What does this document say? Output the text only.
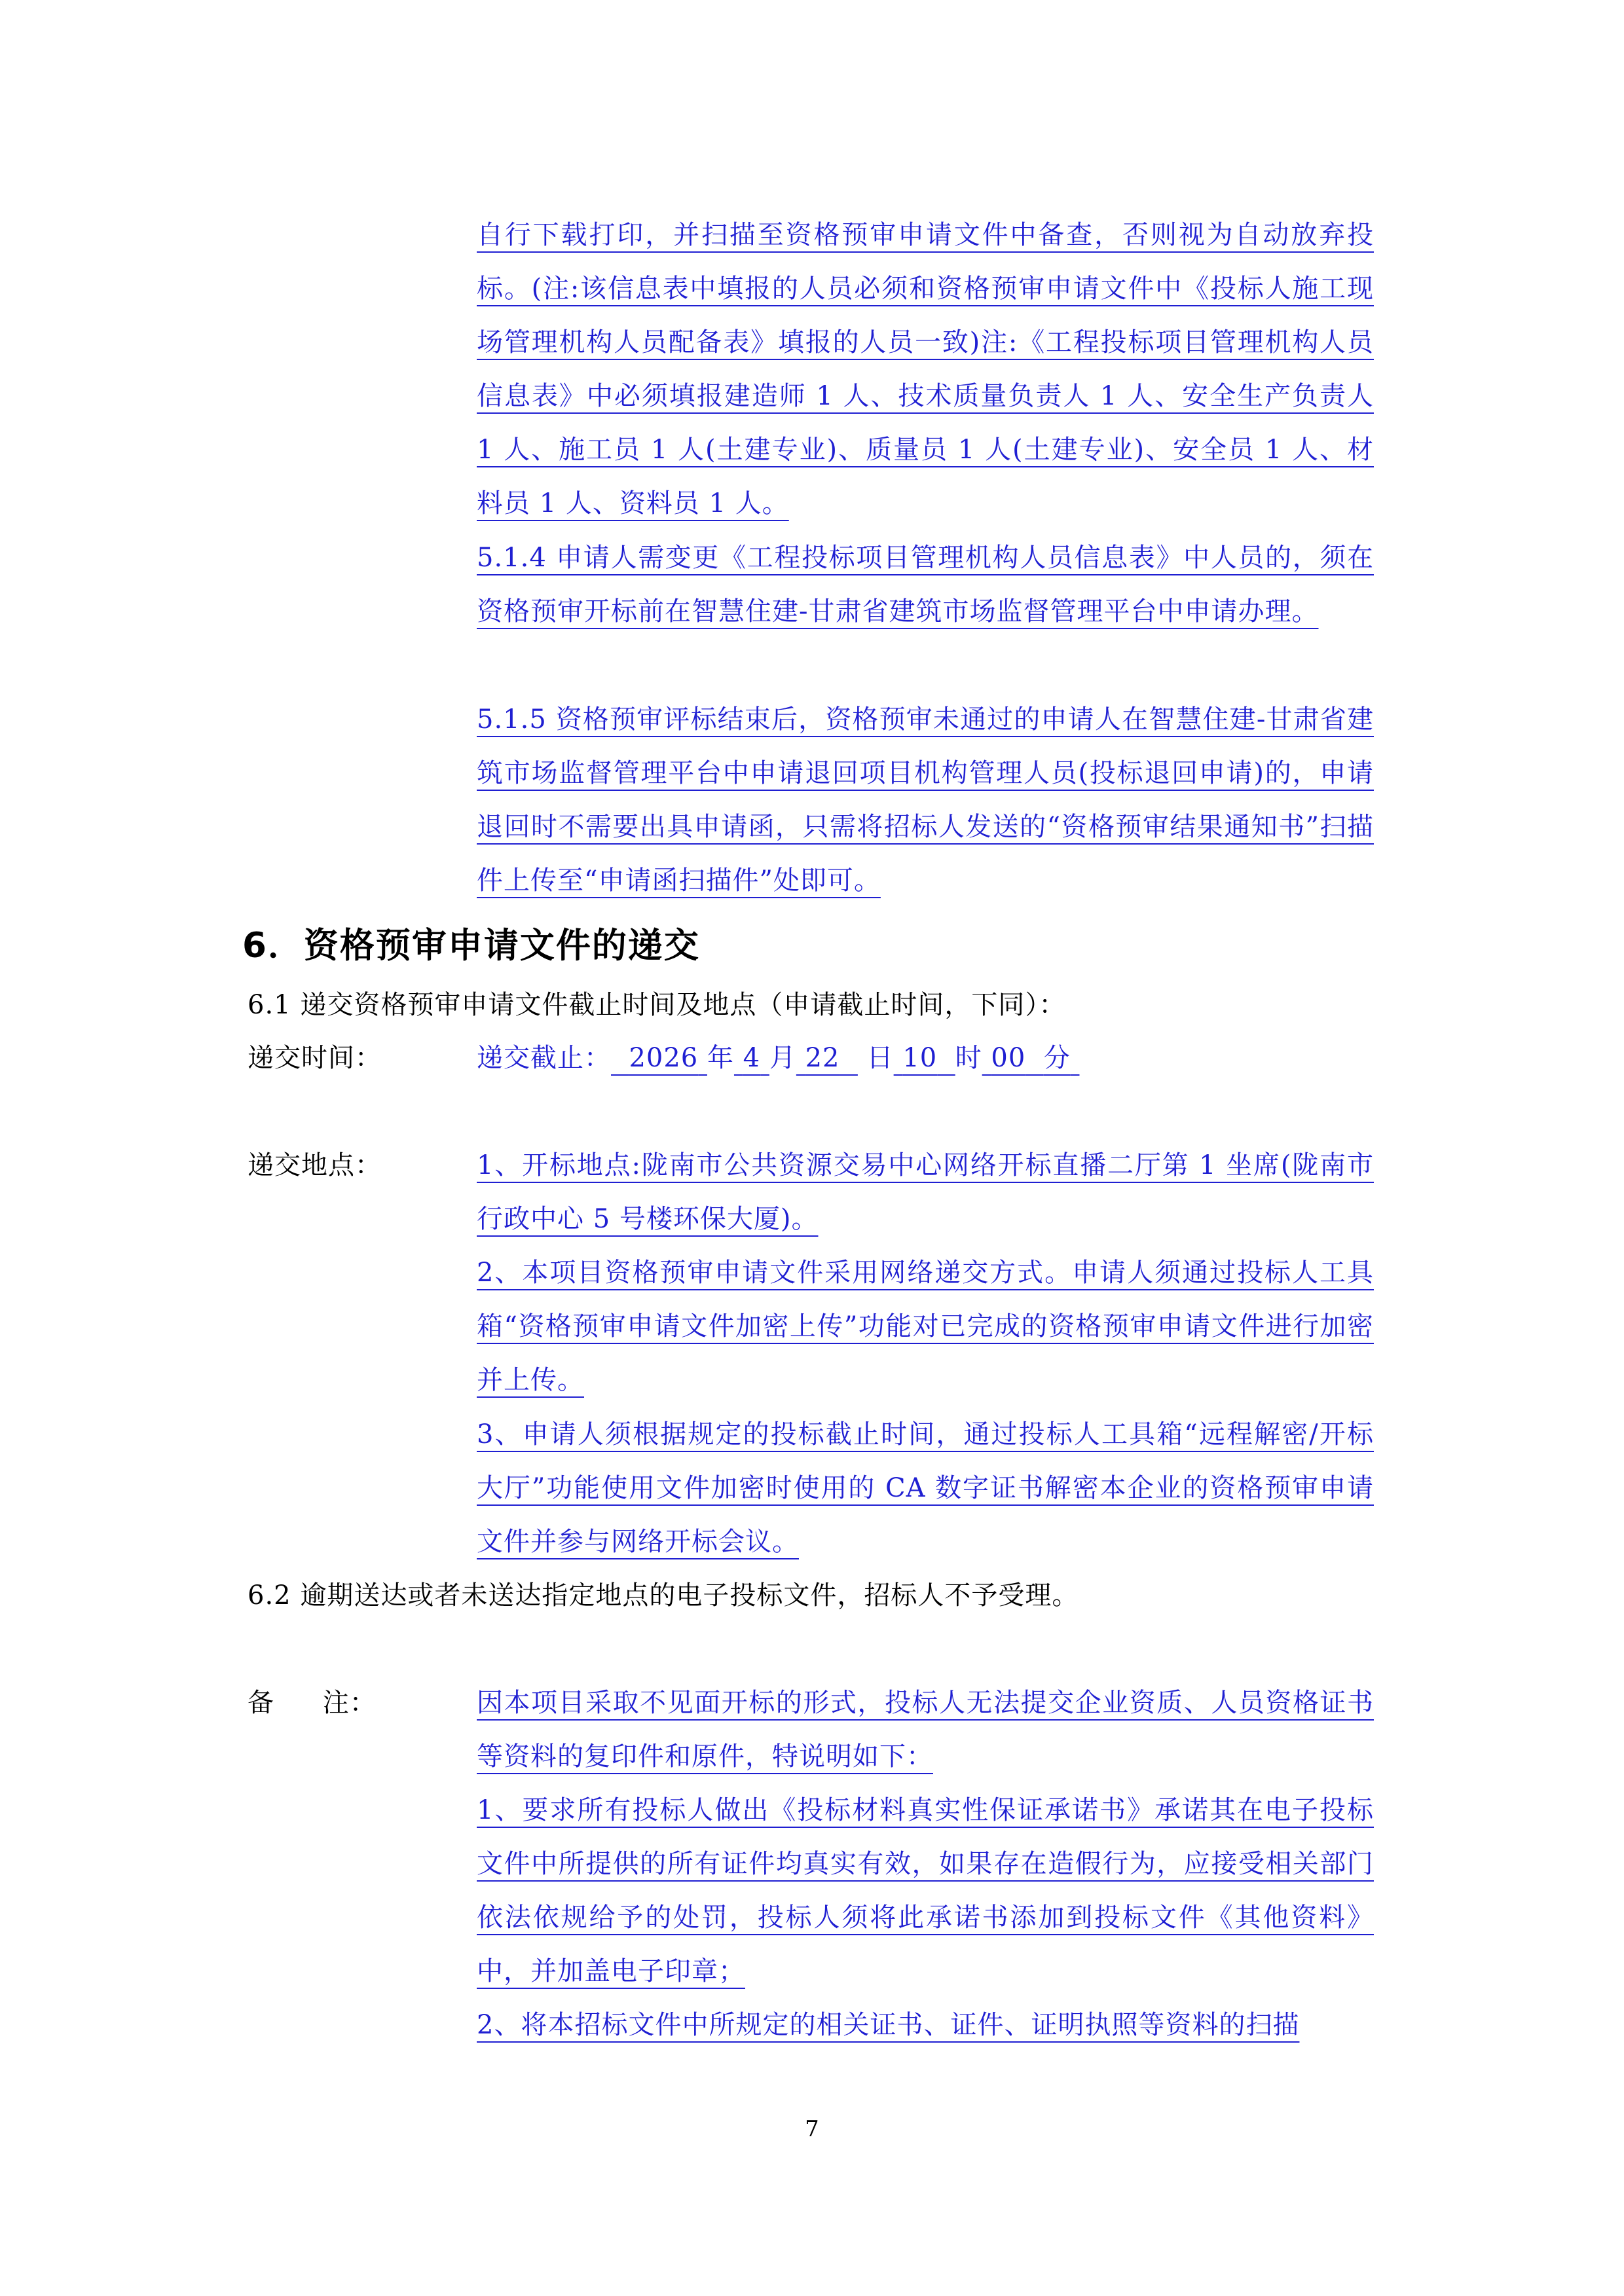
自行下载打印，并扫描至资格预审申请文件中备查，否则视为自动放弃投标。(注:该信息表中填报的人员必须和资格预审申请文件中《投标人施工现场管理机构人员配备表》填报的人员一致)注:《工程投标项目管理机构人员信息表》中必须填报建造师 1 人、技术质量负责人 1 人、安全生产负责人 1 人、施工员 1 人(土建专业)、质量员 1 人(土建专业)、安全员 1 人、材料员 1 人、资料员 1 人。

5.1.4 申请人需变更《工程投标项目管理机构人员信息表》中人员的，须在资格预审开标前在智慧住建-甘肃省建筑市场监督管理平台中申请办理。

5.1.5 资格预审评标结束后，资格预审未通过的申请人在智慧住建-甘肃省建筑市场监督管理平台中申请退回项目机构管理人员(投标退回申请)的，申请退回时不需要出具申请函，只需将招标人发送的“资格预审结果通知书”扫描件上传至“申请函扫描件”处即可。

6．资格预审申请文件的递交

6.1 递交资格预审申请文件截止时间及地点（申请截止时间，下同）：

递交时间：	递交截止： 2026 年 4 月 22 日 10 时 00 分

递交地点：	1、开标地点:陇南市公共资源交易中心网络开标直播二厅第 1 坐席(陇南市行政中心 5 号楼环保大厦)。

2、本项目资格预审申请文件采用网络递交方式。申请人须通过投标人工具箱“资格预审申请文件加密上传”功能对已完成的资格预审申请文件进行加密并上传。

3、申请人须根据规定的投标截止时间，通过投标人工具箱“远程解密/开标大厅”功能使用文件加密时使用的 CA 数字证书解密本企业的资格预审申请文件并参与网络开标会议。

6.2 逾期送达或者未送达指定地点的电子投标文件，招标人不予受理。

备 注：	因本项目采取不见面开标的形式，投标人无法提交企业资质、人员资格证书等资料的复印件和原件，特说明如下：

1、要求所有投标人做出《投标材料真实性保证承诺书》承诺其在电子投标文件中所提供的所有证件均真实有效，如果存在造假行为，应接受相关部门依法依规给予的处罚，投标人须将此承诺书添加到投标文件《其他资料》中，并加盖电子印章；

2、将本招标文件中所规定的相关证书、证件、证明执照等资料的扫描

7
